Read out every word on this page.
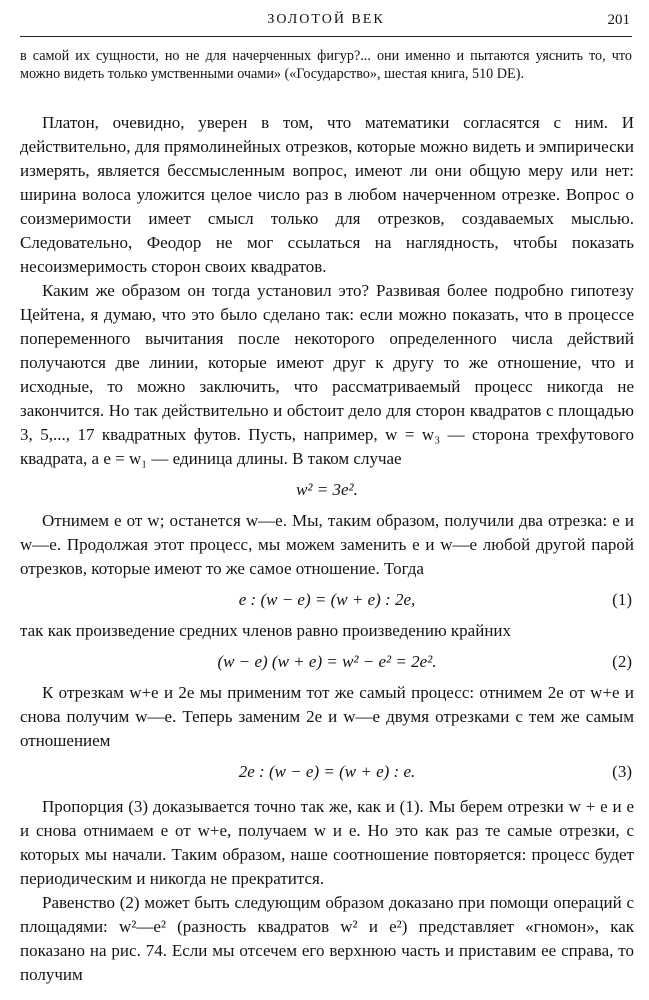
ЗОЛОТОЙ ВЕК	201
в самой их сущности, но не для начерченных фигур?... они именно и пытаются уяснить то, что можно видеть только умственными очами» («Государство», шестая книга, 510 DE).

Платон, очевидно, уверен в том, что математики согласятся с ним. И действительно, для прямолинейных отрезков, которые можно видеть и эмпирически измерять, является бессмысленным вопрос, имеют ли они общую меру или нет: ширина волоса уложится целое число раз в любом начерченном отрезке. Вопрос о соизмеримости имеет смысл только для отрезков, создаваемых мыслью. Следовательно, Феодор не мог ссылаться на наглядность, чтобы показать несоизмеримость сторон своих квадратов.

Каким же образом он тогда установил это? Развивая более подробно гипотезу Цейтена, я думаю, что это было сделано так: если можно показать, что в процессе попеременного вычитания после некоторого определенного числа действий получаются две линии, которые имеют друг к другу то же отношение, что и исходные, то можно заключить, что рассматриваемый процесс никогда не закончится. Но так действительно и обстоит дело для сторон квадратов с площадью 3, 5,..., 17 квадратных футов. Пусть, например, w = w₃ — сторона трехфутового квадрата, а e = w₁ — единица длины. В таком случае

w² = 3e².

Отнимем e от w; останется w—e. Мы, таким образом, получили два отрезка: e и w—e. Продолжая этот процесс, мы можем заменить e и w—e любой другой парой отрезков, которые имеют то же самое отношение. Тогда

e : (w − e) = (w + e) : 2e,	(1)

так как произведение средних членов равно произведению крайних

(w − e) (w + e) = w² − e² = 2e².	(2)

К отрезкам w+e и 2e мы применим тот же самый процесс: отнимем 2e от w+e и снова получим w—e. Теперь заменим 2e и w—e двумя отрезками с тем же самым отношением

2e : (w − e) = (w + e) : e.	(3)

Пропорция (3) доказывается точно так же, как и (1). Мы берем отрезки w + e и e и снова отнимаем e от w+e, получаем w и e. Но это как раз те самые отрезки, с которых мы начали. Таким образом, наше соотношение повторяется: процесс будет периодическим и никогда не прекратится.

Равенство (2) может быть следующим образом доказано при помощи операций с площадями: w²—e² (разность квадратов w² и e²) представляет «гномон», как показано на рис. 74. Если мы отсечем его верхнюю часть и приставим ее справа, то получим
